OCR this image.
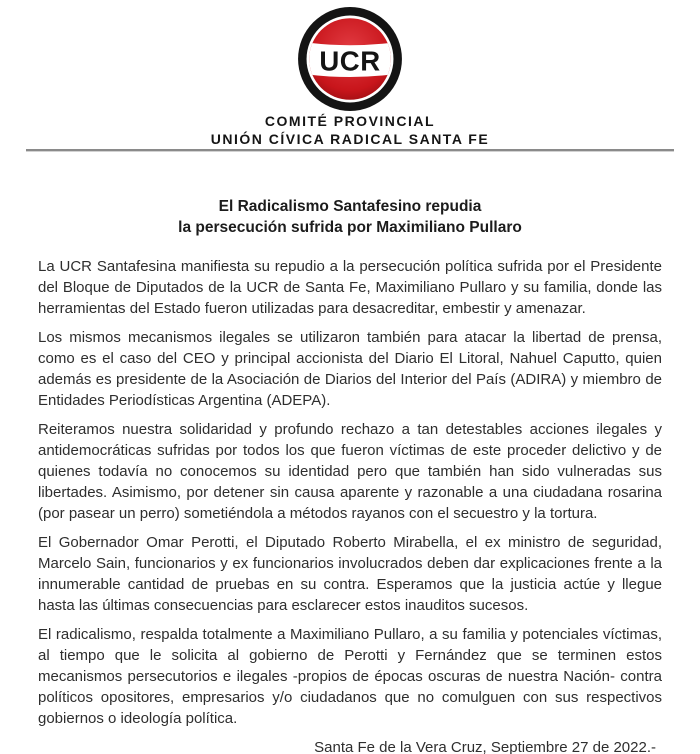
UCR
COMITÉ PROVINCIAL
UNIÓN CÍVICA RADICAL SANTA FE
El Radicalismo Santafesino repudia
la persecución sufrida por Maximiliano Pullaro

La UCR Santafesina manifiesta su repudio a la persecución política sufrida por el Presidente del Bloque de Diputados de la UCR de Santa Fe, Maximiliano Pullaro y su familia, donde las herramientas del Estado fueron utilizadas para desacreditar, embestir y amenazar.

Los mismos mecanismos ilegales se utilizaron también para atacar la libertad de prensa, como es el caso del CEO y principal accionista del Diario El Litoral, Nahuel Caputto, quien además es presidente de la Asociación de Diarios del Interior del País (ADIRA) y miembro de Entidades Periodísticas Argentina (ADEPA).

Reiteramos nuestra solidaridad y profundo rechazo a tan detestables acciones ilegales y antidemocráticas sufridas por todos los que fueron víctimas de este proceder delictivo y de quienes todavía no conocemos su identidad pero que también han sido vulneradas sus libertades. Asimismo, por detener sin causa aparente y razonable a una ciudadana rosarina (por pasear un perro) sometiéndola a métodos rayanos con el secuestro y la tortura.

El Gobernador Omar Perotti, el Diputado Roberto Mirabella, el ex ministro de seguridad, Marcelo Sain, funcionarios y ex funcionarios involucrados deben dar explicaciones frente a la innumerable cantidad de pruebas en su contra. Esperamos que la justicia actúe y llegue hasta las últimas consecuencias para esclarecer estos inauditos sucesos.

El radicalismo, respalda totalmente a Maximiliano Pullaro, a su familia y potenciales víctimas, al tiempo que le solicita al gobierno de Perotti y Fernández que se terminen estos mecanismos persecutorios e ilegales -propios de épocas oscuras de nuestra Nación- contra políticos opositores, empresarios y/o ciudadanos que no comulguen con sus respectivos gobiernos o ideología política.

Santa Fe de la Vera Cruz, Septiembre 27 de 2022.-
